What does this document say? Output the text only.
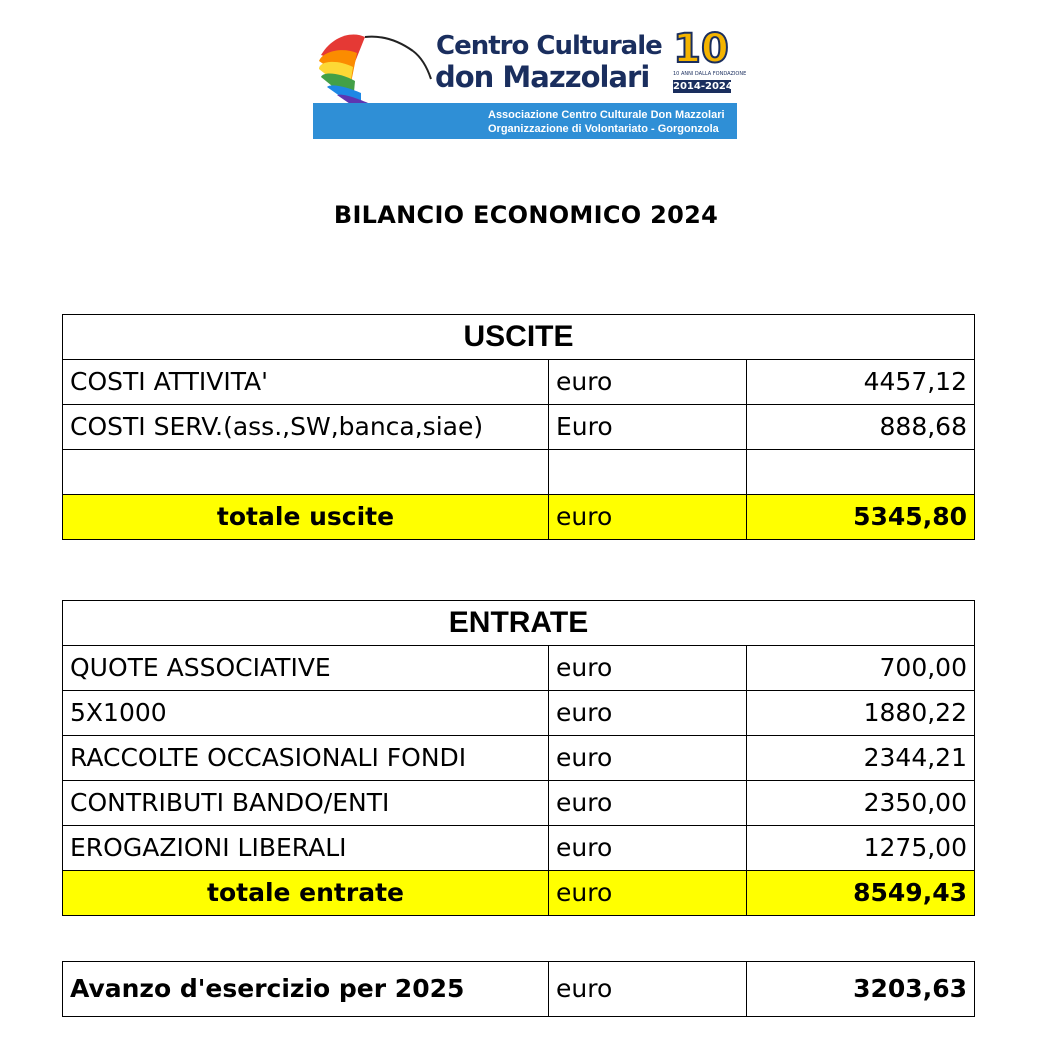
Centro Culturale
don Mazzolari
10
10 ANNI DALLA FONDAZIONE
2014-2024
Associazione Centro Culturale Don Mazzolari
Organizzazione di Volontariato - Gorgonzola
BILANCIO ECONOMICO 2024
USCITE		
COSTI ATTIVITA'	euro	4457,12
COSTI SERV.(ass.,SW,banca,siae)	Euro	888,68

totale uscite	euro	5345,80
ENTRATE		
QUOTE ASSOCIATIVE	euro	700,00
5X1000	euro	1880,22
RACCOLTE OCCASIONALI FONDI	euro	2344,21
CONTRIBUTI BANDO/ENTI	euro	2350,00
EROGAZIONI LIBERALI	euro	1275,00
totale entrate	euro	8549,43
Avanzo d'esercizio per 2025	euro	3203,63
